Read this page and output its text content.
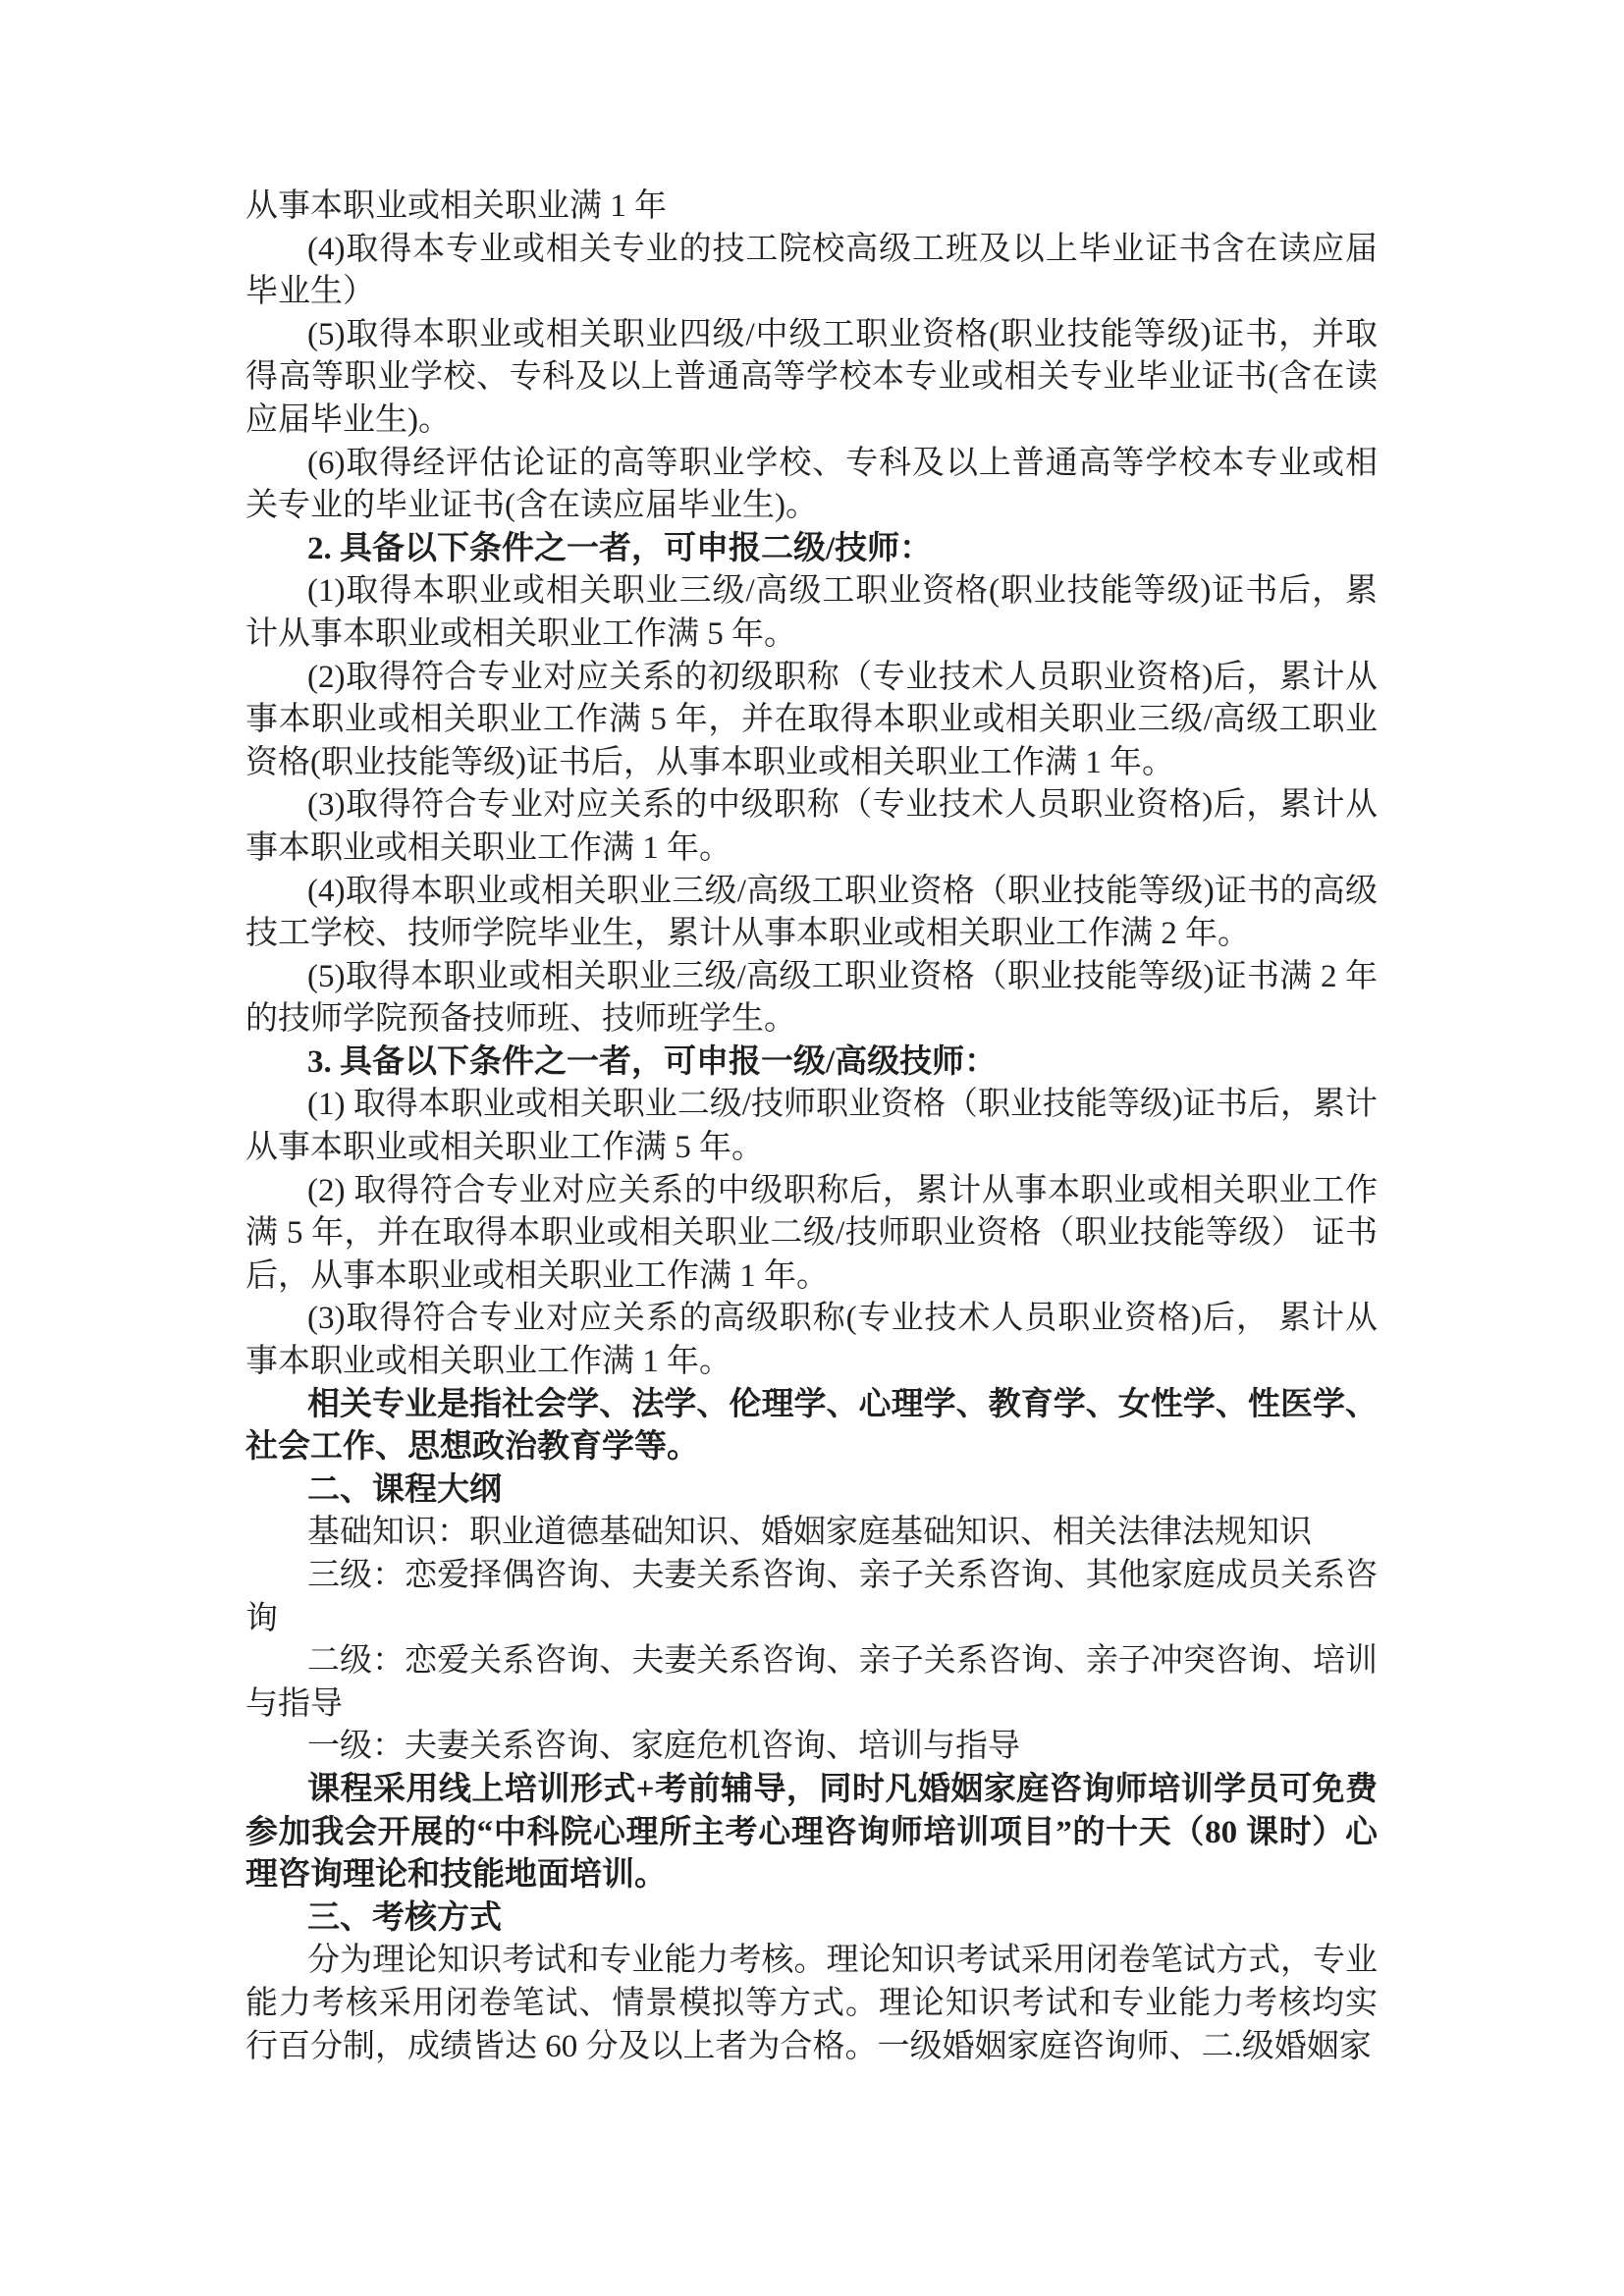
从事本职业或相关职业满 1 年

(4)取得本专业或相关专业的技工院校高级工班及以上毕业证书含在读应届毕业生）

(5)取得本职业或相关职业四级/中级工职业资格(职业技能等级)证书，并取得高等职业学校、专科及以上普通高等学校本专业或相关专业毕业证书(含在读应届毕业生)。

(6)取得经评估论证的高等职业学校、专科及以上普通高等学校本专业或相关专业的毕业证书(含在读应届毕业生)。

2. 具备以下条件之一者，可申报二级/技师：

(1)取得本职业或相关职业三级/高级工职业资格(职业技能等级)证书后，累计从事本职业或相关职业工作满 5 年。

(2)取得符合专业对应关系的初级职称（专业技术人员职业资格)后，累计从事本职业或相关职业工作满 5 年，并在取得本职业或相关职业三级/高级工职业资格(职业技能等级)证书后，从事本职业或相关职业工作满 1 年。

(3)取得符合专业对应关系的中级职称（专业技术人员职业资格)后，累计从事本职业或相关职业工作满 1 年。

(4)取得本职业或相关职业三级/高级工职业资格（职业技能等级)证书的高级技工学校、技师学院毕业生，累计从事本职业或相关职业工作满 2 年。

(5)取得本职业或相关职业三级/高级工职业资格（职业技能等级)证书满 2 年的技师学院预备技师班、技师班学生。

3. 具备以下条件之一者，可申报一级/高级技师：

(1) 取得本职业或相关职业二级/技师职业资格（职业技能等级)证书后，累计从事本职业或相关职业工作满 5 年。

(2) 取得符合专业对应关系的中级职称后，累计从事本职业或相关职业工作满 5 年，并在取得本职业或相关职业二级/技师职业资格（职业技能等级） 证书后，从事本职业或相关职业工作满 1 年。

(3)取得符合专业对应关系的高级职称(专业技术人员职业资格)后， 累计从事本职业或相关职业工作满 1 年。

相关专业是指社会学、法学、伦理学、心理学、教育学、女性学、性医学、社会工作、思想政治教育学等。

二、课程大纲

基础知识：职业道德基础知识、婚姻家庭基础知识、相关法律法规知识

三级：恋爱择偶咨询、夫妻关系咨询、亲子关系咨询、其他家庭成员关系咨询

二级：恋爱关系咨询、夫妻关系咨询、亲子关系咨询、亲子冲突咨询、培训与指导

一级：夫妻关系咨询、家庭危机咨询、培训与指导

课程采用线上培训形式+考前辅导，同时凡婚姻家庭咨询师培训学员可免费参加我会开展的“中科院心理所主考心理咨询师培训项目”的十天（80 课时）心理咨询理论和技能地面培训。

三、考核方式

分为理论知识考试和专业能力考核。理论知识考试采用闭卷笔试方式，专业能力考核采用闭卷笔试、情景模拟等方式。理论知识考试和专业能力考核均实行百分制，成绩皆达 60 分及以上者为合格。一级婚姻家庭咨询师、二.级婚姻家
